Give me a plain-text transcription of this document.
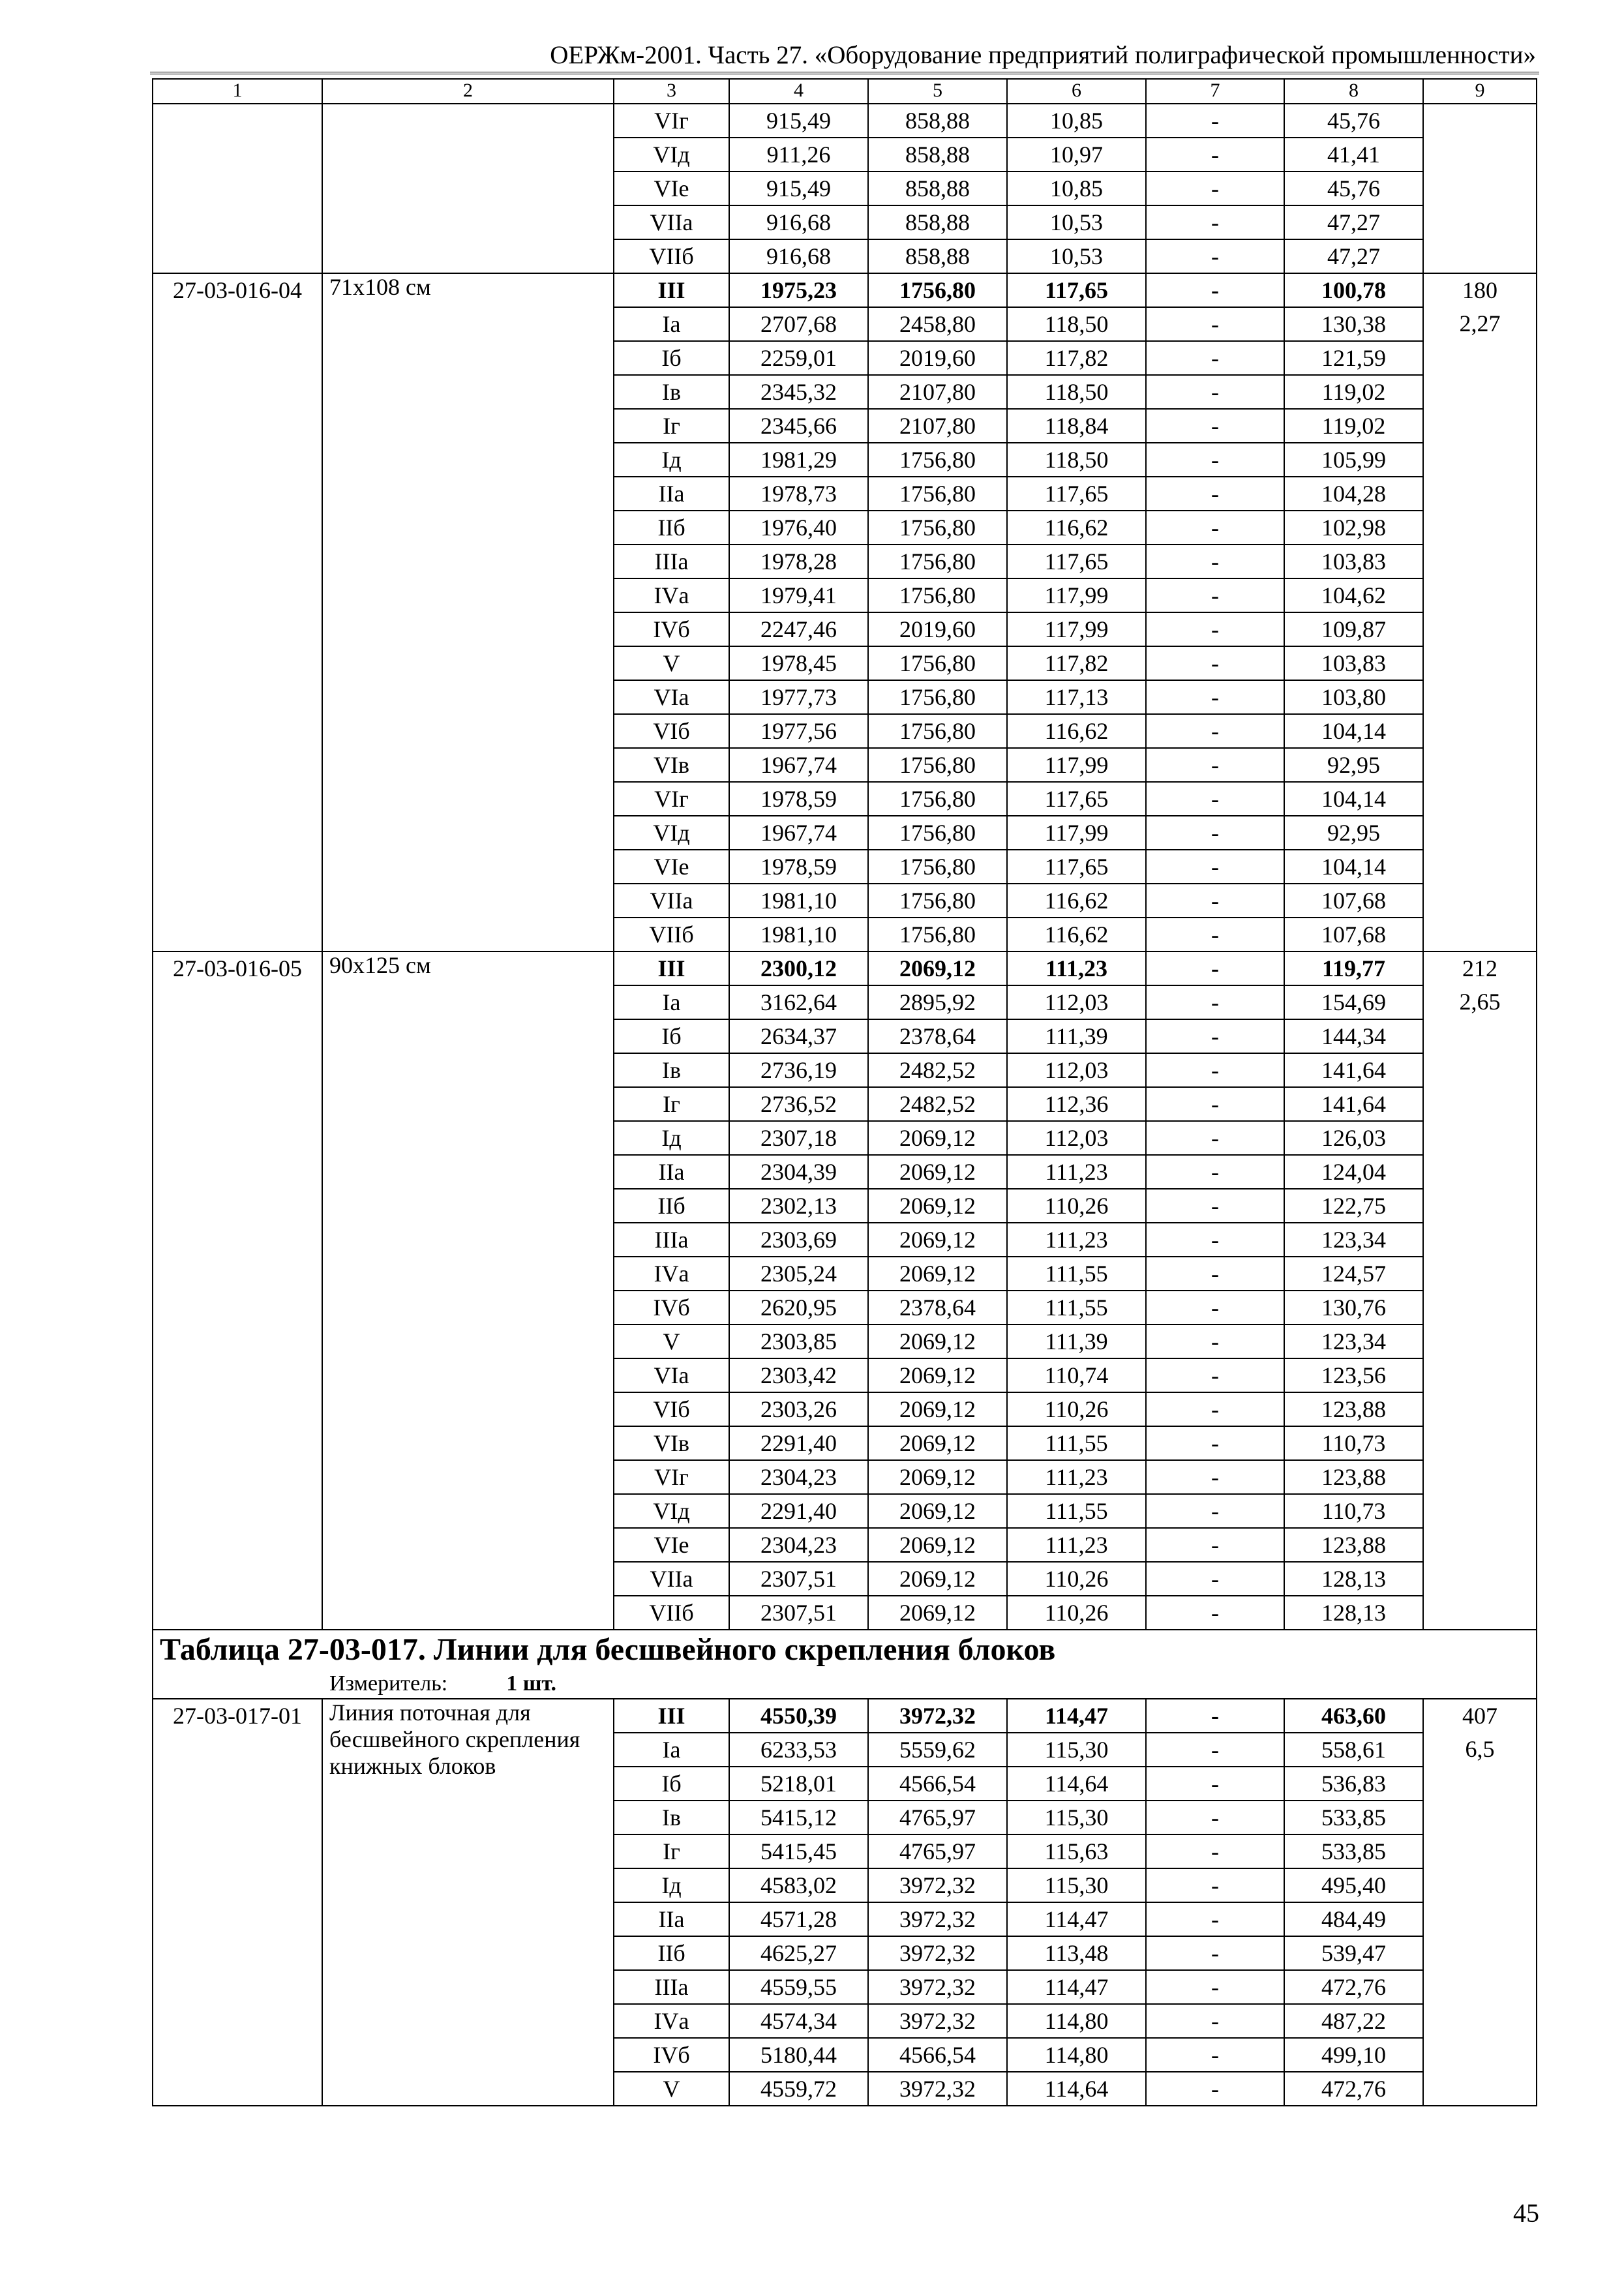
ОЕРЖм-2001. Часть 27. «Оборудование предприятий полиграфической промышленности»
1	2	3	4	5	6	7	8	9
		VIг	915,49	858,88	10,85	-	45,76	
		VIд	911,26	858,88	10,97	-	41,41	
		VIе	915,49	858,88	10,85	-	45,76	
		VIIа	916,68	858,88	10,53	-	47,27	
		VIIб	916,68	858,88	10,53	-	47,27	
27-03-016-04	71х108 см	III	1975,23	1756,80	117,65	-	100,78	180
		Iа	2707,68	2458,80	118,50	-	130,38	2,27
		Iб	2259,01	2019,60	117,82	-	121,59	
		Iв	2345,32	2107,80	118,50	-	119,02	
		Iг	2345,66	2107,80	118,84	-	119,02	
		Iд	1981,29	1756,80	118,50	-	105,99	
		IIа	1978,73	1756,80	117,65	-	104,28	
		IIб	1976,40	1756,80	116,62	-	102,98	
		IIIа	1978,28	1756,80	117,65	-	103,83	
		IVа	1979,41	1756,80	117,99	-	104,62	
		IVб	2247,46	2019,60	117,99	-	109,87	
		V	1978,45	1756,80	117,82	-	103,83	
		VIа	1977,73	1756,80	117,13	-	103,80	
		VIб	1977,56	1756,80	116,62	-	104,14	
		VIв	1967,74	1756,80	117,99	-	92,95	
		VIг	1978,59	1756,80	117,65	-	104,14	
		VIд	1967,74	1756,80	117,99	-	92,95	
		VIе	1978,59	1756,80	117,65	-	104,14	
		VIIа	1981,10	1756,80	116,62	-	107,68	
		VIIб	1981,10	1756,80	116,62	-	107,68	
27-03-016-05	90х125 см	III	2300,12	2069,12	111,23	-	119,77	212
		Iа	3162,64	2895,92	112,03	-	154,69	2,65
		Iб	2634,37	2378,64	111,39	-	144,34	
		Iв	2736,19	2482,52	112,03	-	141,64	
		Iг	2736,52	2482,52	112,36	-	141,64	
		Iд	2307,18	2069,12	112,03	-	126,03	
		IIа	2304,39	2069,12	111,23	-	124,04	
		IIб	2302,13	2069,12	110,26	-	122,75	
		IIIа	2303,69	2069,12	111,23	-	123,34	
		IVа	2305,24	2069,12	111,55	-	124,57	
		IVб	2620,95	2378,64	111,55	-	130,76	
		V	2303,85	2069,12	111,39	-	123,34	
		VIа	2303,42	2069,12	110,74	-	123,56	
		VIб	2303,26	2069,12	110,26	-	123,88	
		VIв	2291,40	2069,12	111,55	-	110,73	
		VIг	2304,23	2069,12	111,23	-	123,88	
		VIд	2291,40	2069,12	111,55	-	110,73	
		VIе	2304,23	2069,12	111,23	-	123,88	
		VIIа	2307,51	2069,12	110,26	-	128,13	
		VIIб	2307,51	2069,12	110,26	-	128,13	

Таблица 27-03-017. Линии для бесшвейного скрепления блоков
Измеритель: 1 шт.								

27-03-017-01	Линия поточная для бесшвейного скрепления книжных блоков	III	4550,39	3972,32	114,47	-	463,60	407
		Iа	6233,53	5559,62	115,30	-	558,61	6,5
		Iб	5218,01	4566,54	114,64	-	536,83	
		Iв	5415,12	4765,97	115,30	-	533,85	
		Iг	5415,45	4765,97	115,63	-	533,85	
		Iд	4583,02	3972,32	115,30	-	495,40	
		IIа	4571,28	3972,32	114,47	-	484,49	
		IIб	4625,27	3972,32	113,48	-	539,47	
		IIIа	4559,55	3972,32	114,47	-	472,76	
		IVа	4574,34	3972,32	114,80	-	487,22	
		IVб	5180,44	4566,54	114,80	-	499,10	
		V	4559,72	3972,32	114,64	-	472,76	
45
